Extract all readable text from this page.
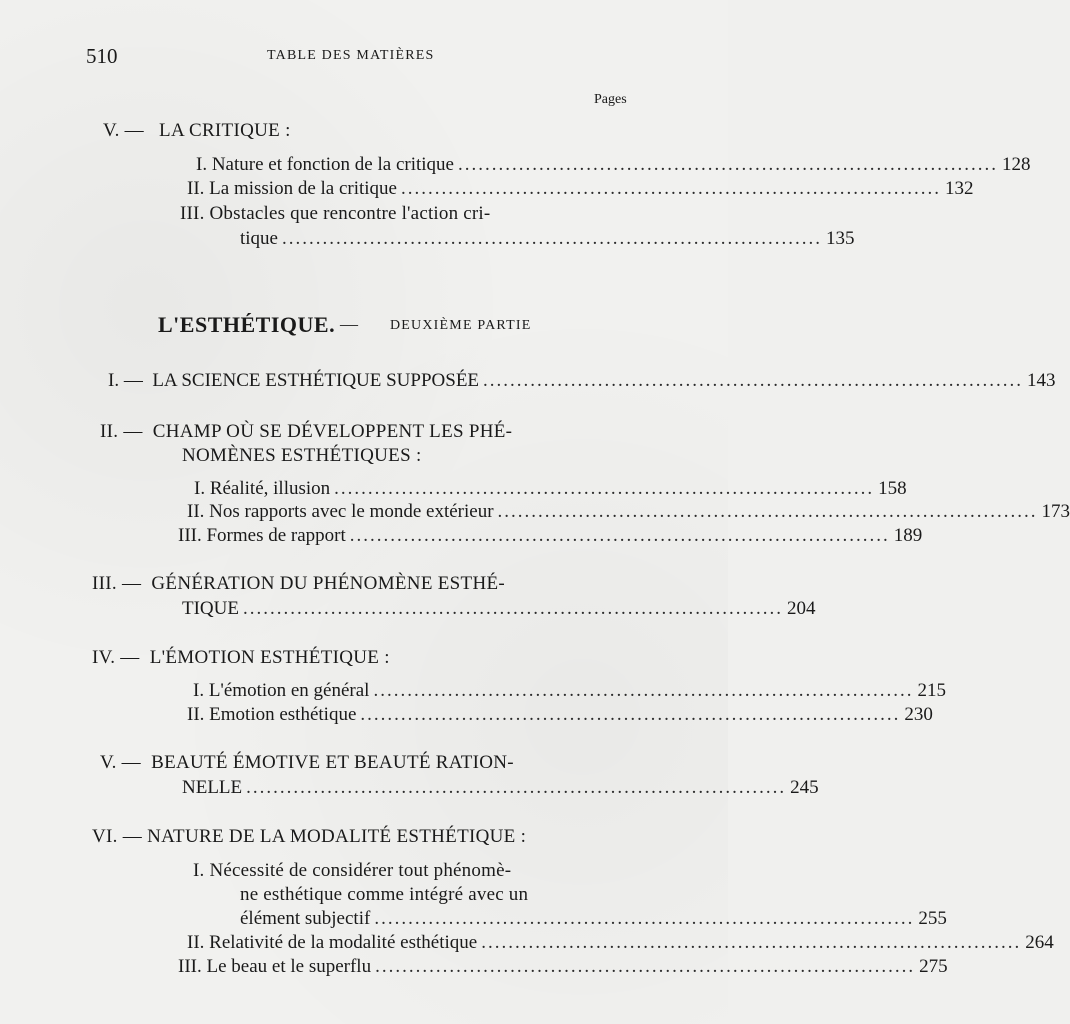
510	TABLE DES MATIÈRES
Pages
V. — LA CRITIQUE :
I. Nature et fonction de la critique ................................................................................ 128
II. La mission de la critique ................................................................................ 132
III. Obstacles que rencontre l'action cri-
tique ................................................................................ 135
L'ESTHÉTIQUE. — DEUXIÈME PARTIE
I. — LA SCIENCE ESTHÉTIQUE SUPPOSÉE ................................................................................ 143
II. — CHAMP OÙ SE DÉVELOPPENT LES PHÉ-
NOMÈNES ESTHÉTIQUES :
I. Réalité, illusion ................................................................................ 158
II. Nos rapports avec le monde extérieur ................................................................................ 173
III. Formes de rapport ................................................................................ 189
III. — GÉNÉRATION DU PHÉNOMÈNE ESTHÉ-
TIQUE ................................................................................ 204
IV. — L'ÉMOTION ESTHÉTIQUE :
I. L'émotion en général ................................................................................ 215
II. Emotion esthétique ................................................................................ 230
V. — BEAUTÉ ÉMOTIVE ET BEAUTÉ RATION-
NELLE ................................................................................ 245
VI. — NATURE DE LA MODALITÉ ESTHÉTIQUE :
I. Nécessité de considérer tout phénomè-
ne esthétique comme intégré avec un
élément subjectif ................................................................................ 255
II. Relativité de la modalité esthétique ................................................................................ 264
III. Le beau et le superflu ................................................................................ 275
